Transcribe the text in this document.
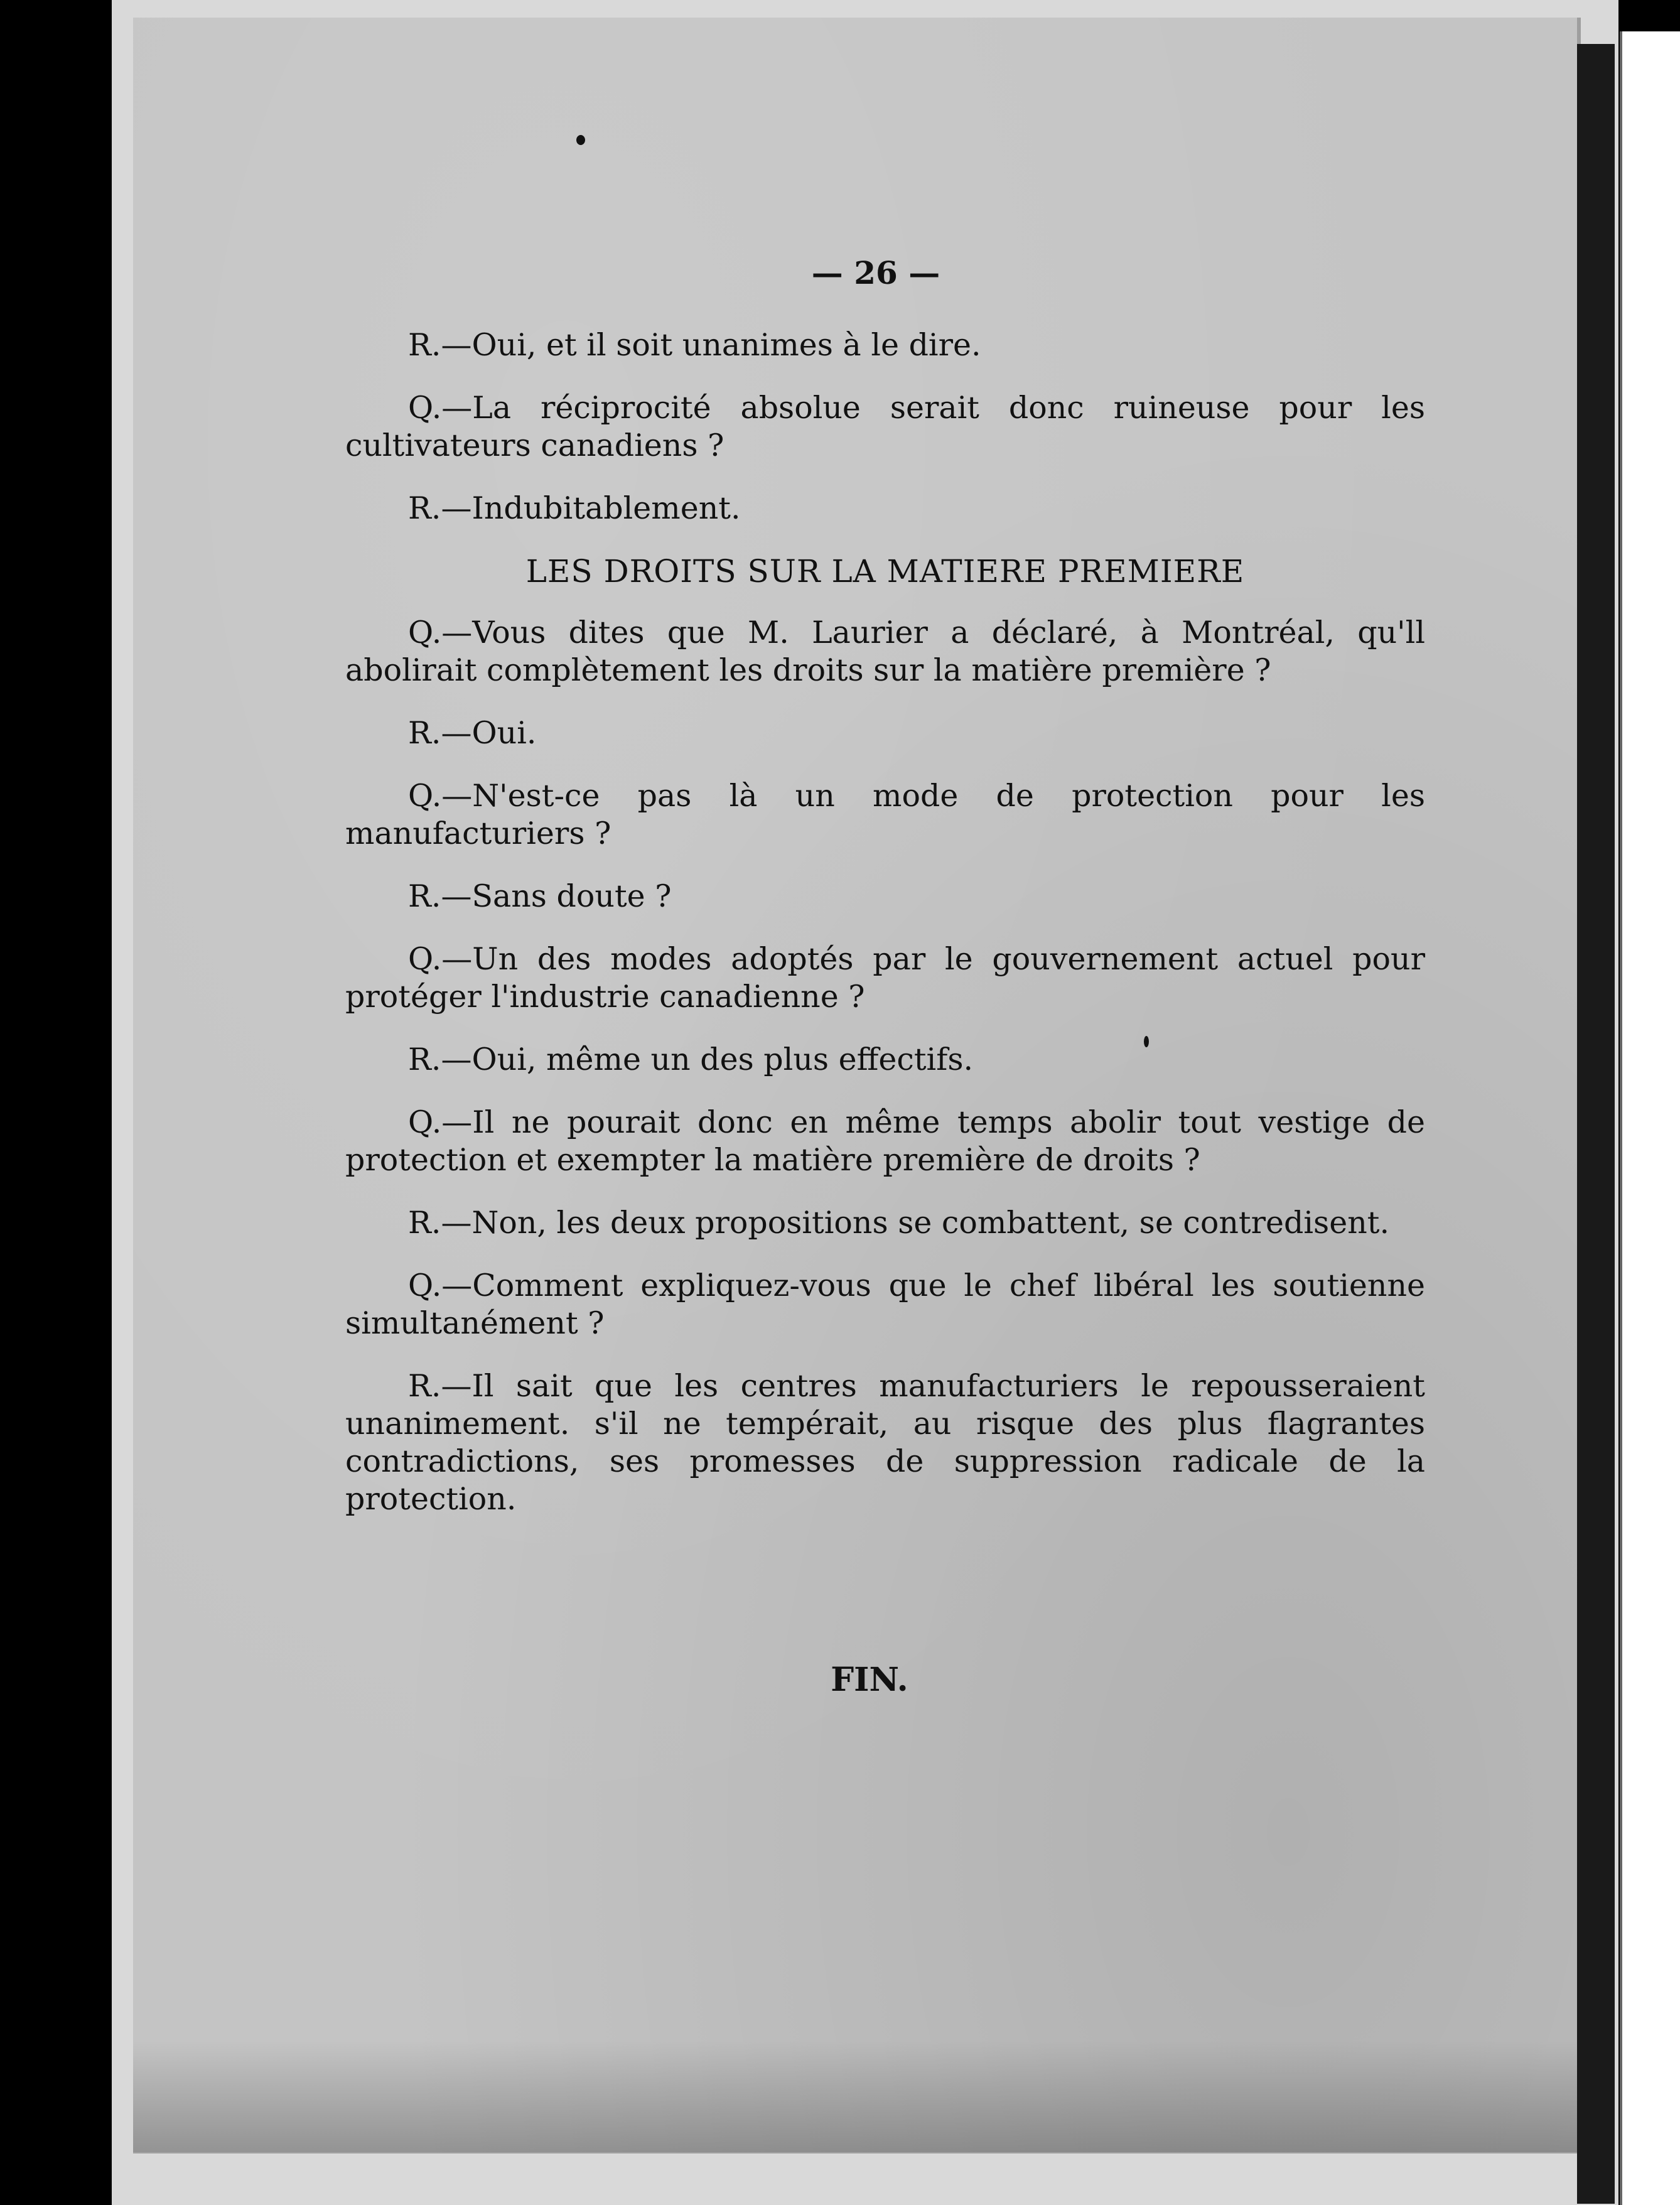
— 26 —

R.—Oui, et il soit unanimes à le dire.

Q.—La réciprocité absolue serait donc ruineuse pour les cultivateurs canadiens ?

R.—Indubitablement.

LES DROITS SUR LA MATIERE PREMIERE

Q.—Vous dites que M. Laurier a déclaré, à Montréal, qu'll abolirait complètement les droits sur la matière première ?

R.—Oui.

Q.—N'est-ce pas là un mode de protection pour les manufacturiers ?

R.—Sans doute ?

Q.—Un des modes adoptés par le gouvernement actuel pour protéger l'industrie canadienne ?

R.—Oui, même un des plus effectifs.

Q.—Il ne pourait donc en même temps abolir tout vestige de protection et exempter la matière première de droits ?

R.—Non, les deux propositions se combattent, se contredisent.

Q.—Comment expliquez-vous que le chef libéral les soutienne simultanément ?

R.—Il sait que les centres manufacturiers le repousseraient unanimement. s'il ne tempérait, au risque des plus flagrantes contradictions, ses promesses de suppression radicale de la protection.

FIN.
